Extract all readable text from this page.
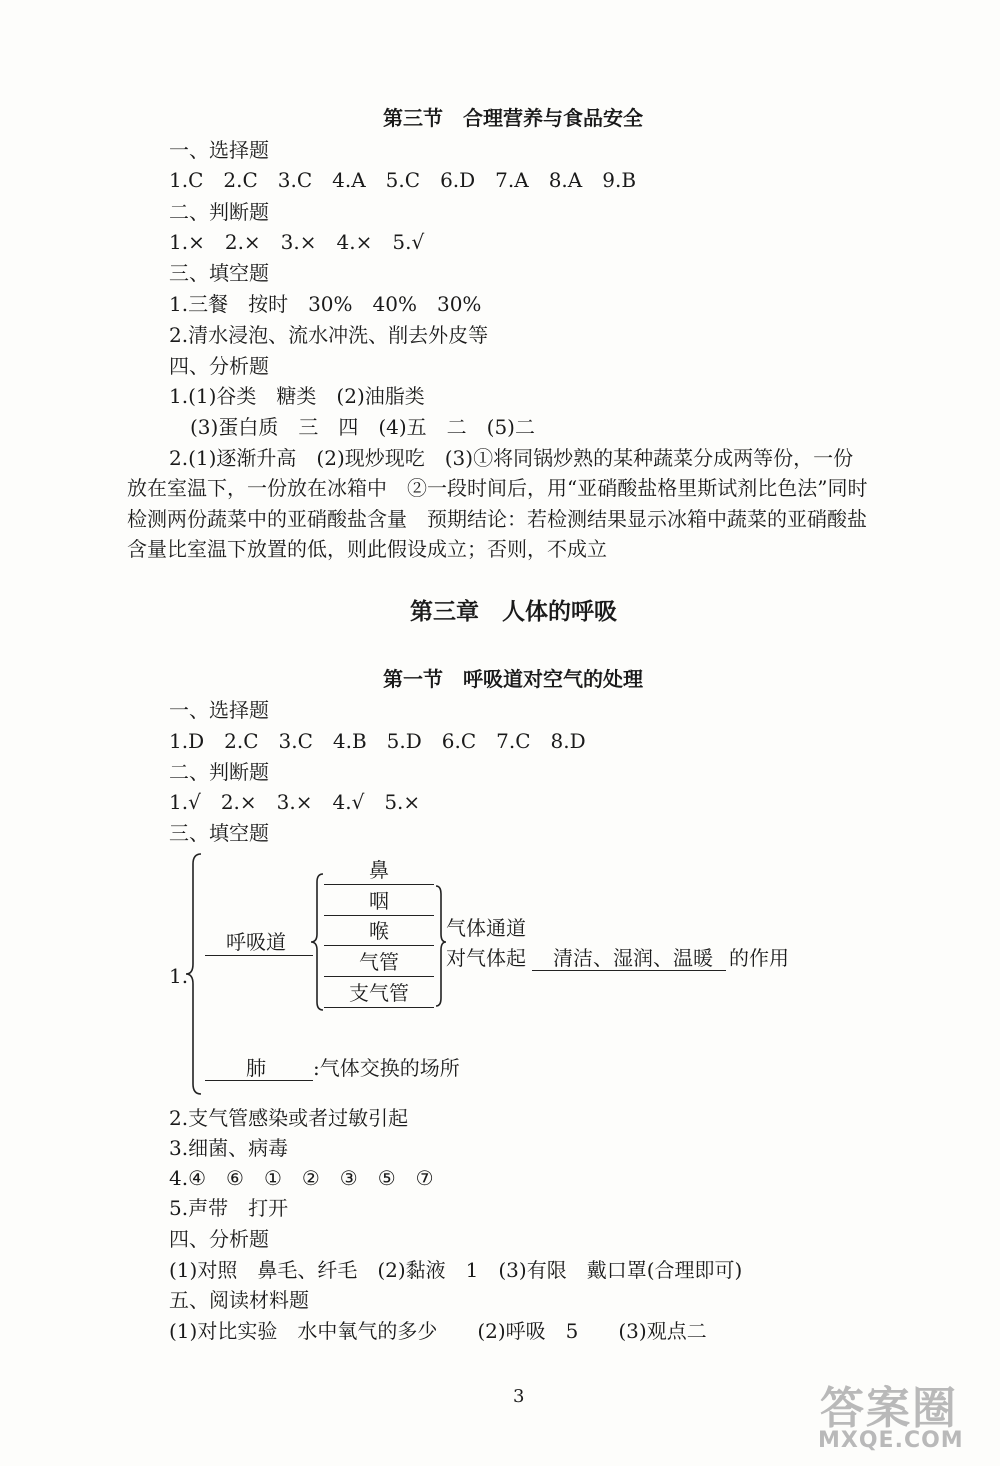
第三节　合理营养与食品安全
一、选择题
1.C　2.C　3.C　4.A　5.C　6.D　7.A　8.A　9.B
二、判断题
1.×　2.×　3.×　4.×　5.√
三、填空题
1.三餐　按时　30%　40%　30%
2.清水浸泡、流水冲洗、削去外皮等
四、分析题
1.(1)谷类　糖类　(2)油脂类
(3)蛋白质　三　四　(4)五　二　(5)二
2.(1)逐渐升高　(2)现炒现吃　(3)①将同锅炒熟的某种蔬菜分成两等份，一份
放在室温下，一份放在冰箱中　②一段时间后，用“亚硝酸盐格里斯试剂比色法”同时
检测两份蔬菜中的亚硝酸盐含量　预期结论：若检测结果显示冰箱中蔬菜的亚硝酸盐
含量比室温下放置的低，则此假设成立；否则，不成立
第三章　人体的呼吸
第一节　呼吸道对空气的处理
一、选择题
1.D　2.C　3.C　4.B　5.D　6.C　7.C　8.D
二、判断题
1.√　2.×　3.×　4.√　5.×
三、填空题
1.
呼吸道
鼻
咽
喉
气管
支气管
气体通道
对气体起 清洁、湿润、温暖 的作用
肺 :气体交换的场所
2.支气管感染或者过敏引起
3.细菌、病毒
4.④　⑥　①　②　③　⑤　⑦
5.声带　打开
四、分析题
(1)对照　鼻毛、纤毛　(2)黏液　1　(3)有限　戴口罩(合理即可)
五、阅读材料题
(1)对比实验　水中氧气的多少　　(2)呼吸　5　　(3)观点二
3	答案圈
MXQE.COM
